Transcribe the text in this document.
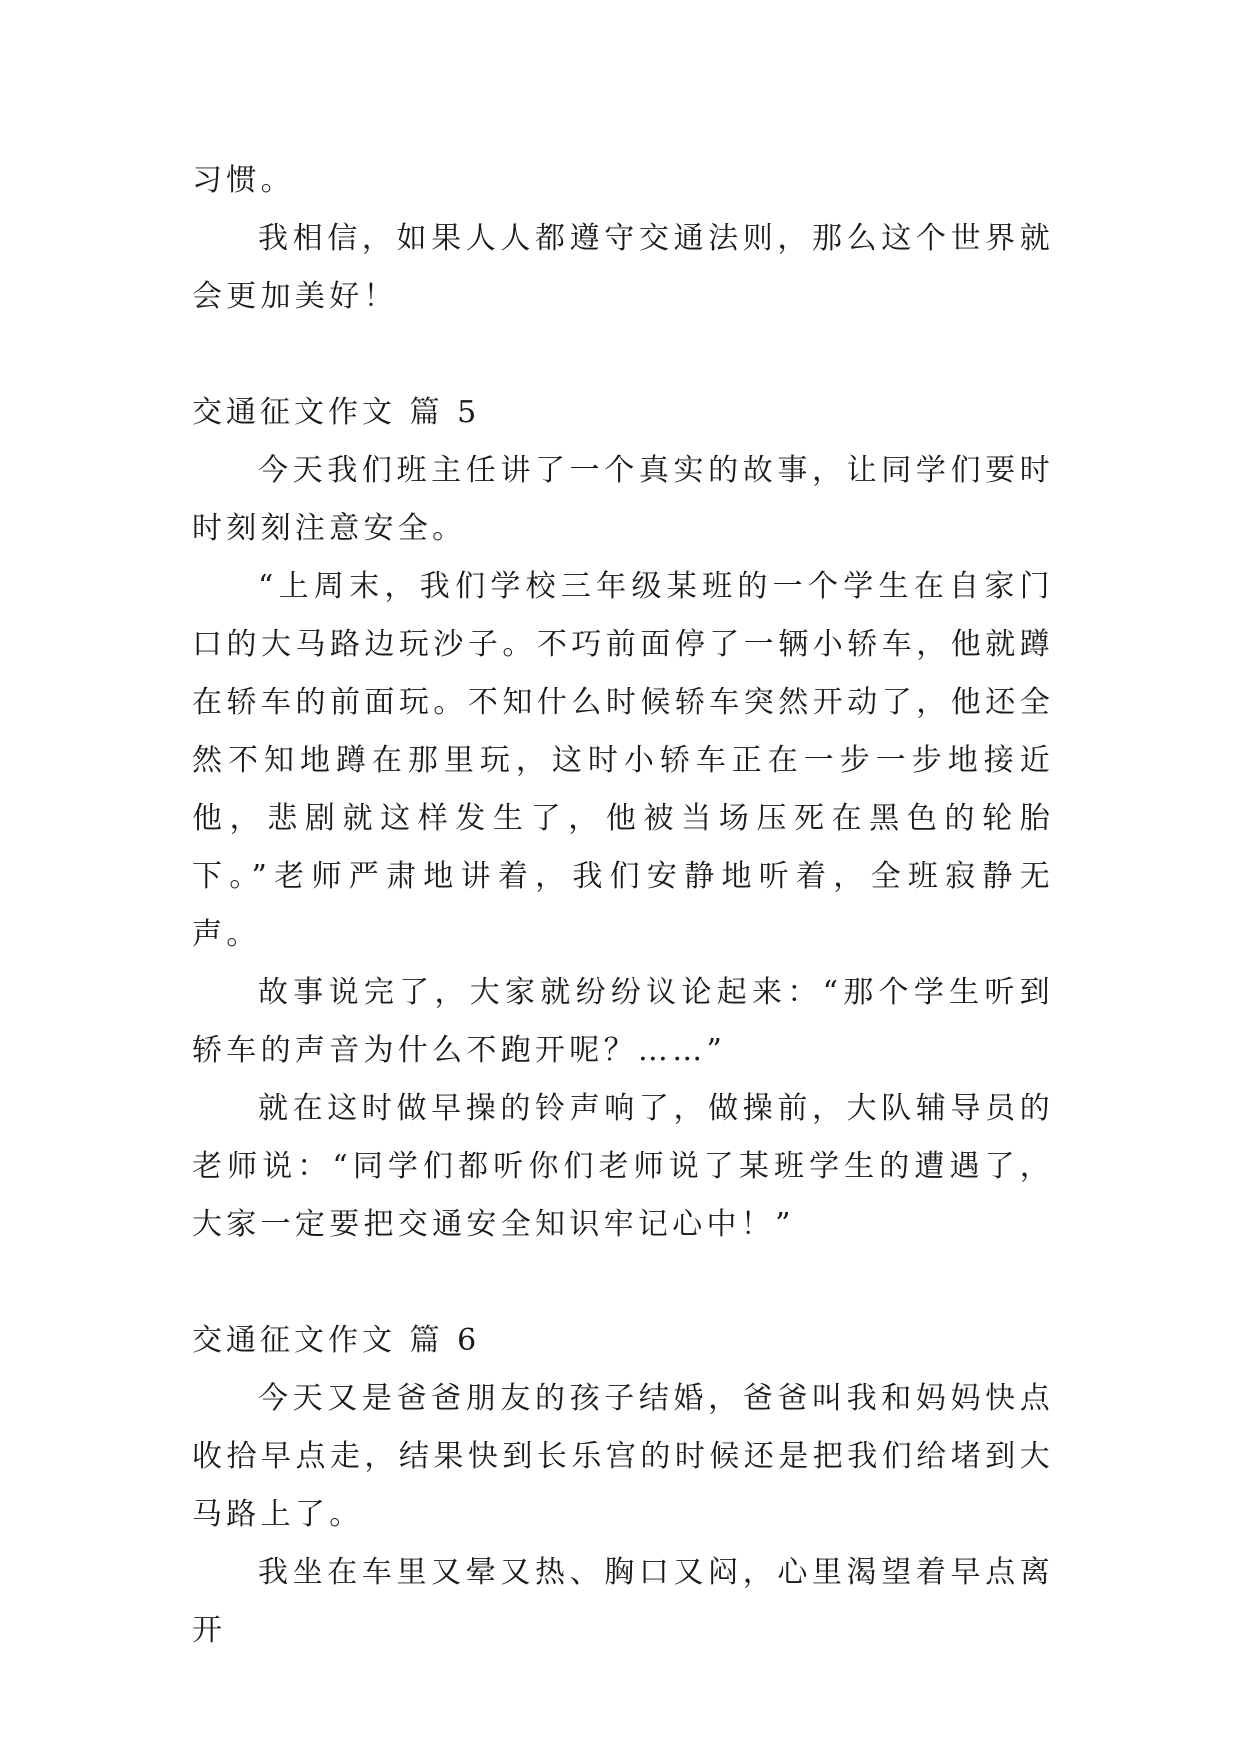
习惯。

我相信，如果人人都遵守交通法则，那么这个世界就会更加美好！

交通征文作文 篇 5

今天我们班主任讲了一个真实的故事，让同学们要时时刻刻注意安全。

“上周末，我们学校三年级某班的一个学生在自家门口的大马路边玩沙子。不巧前面停了一辆小轿车，他就蹲在轿车的前面玩。不知什么时候轿车突然开动了，他还全然不知地蹲在那里玩，这时小轿车正在一步一步地接近他，悲剧就这样发生了，他被当场压死在黑色的轮胎下。”老师严肃地讲着，我们安静地听着，全班寂静无声。

故事说完了，大家就纷纷议论起来：“那个学生听到轿车的声音为什么不跑开呢？……”

就在这时做早操的铃声响了，做操前，大队辅导员的老师说：“同学们都听你们老师说了某班学生的遭遇了，大家一定要把交通安全知识牢记心中！”

交通征文作文 篇 6

今天又是爸爸朋友的孩子结婚，爸爸叫我和妈妈快点收拾早点走，结果快到长乐宫的时候还是把我们给堵到大马路上了。

我坐在车里又晕又热、胸口又闷，心里渴望着早点离开
